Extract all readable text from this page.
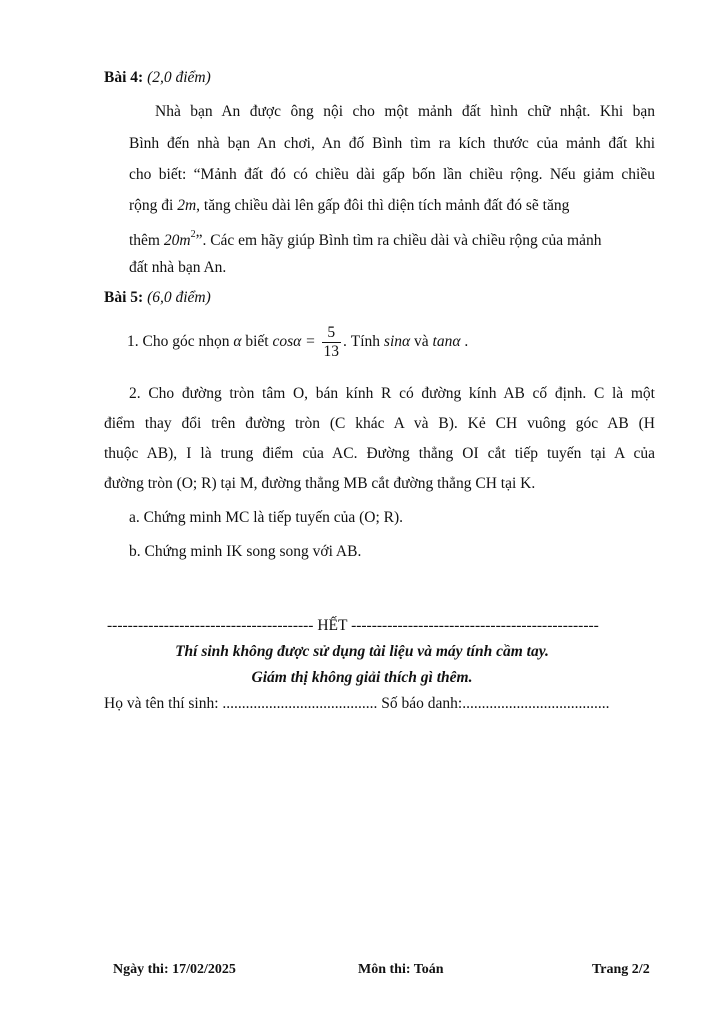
Bài 4: (2,0 điểm)
Nhà bạn An được ông nội cho một mảnh đất hình chữ nhật. Khi bạn
Bình đến nhà bạn An chơi, An đố Bình tìm ra kích thước của mảnh đất khi
cho biết: “Mảnh đất đó có chiều dài gấp bốn lần chiều rộng. Nếu giảm chiều
rộng đi 2m, tăng chiều dài lên gấp đôi thì diện tích mảnh đất đó sẽ tăng
thêm $20m^2$”. Các em hãy giúp Bình tìm ra chiều dài và chiều rộng của mảnh
đất nhà bạn An.
Bài 5: (6,0 điểm)
1. Cho góc nhọn α biết $\cos\alpha = \frac{5}{13}$ . Tính sinα và tanα .
2. Cho đường tròn tâm O, bán kính R có đường kính AB cố định. C là một
điểm thay đổi trên đường tròn (C khác A và B). Kẻ CH vuông góc AB (H
thuộc AB), I là trung điểm của AC. Đường thẳng OI cắt tiếp tuyến tại A của
đường tròn (O; R) tại M, đường thẳng MB cắt đường thẳng CH tại K.
a. Chứng minh MC là tiếp tuyến của (O; R).
b. Chứng minh IK song song với AB.
---------------------------------------- HẾT ------------------------------------------------
Thí sinh không được sử dụng tài liệu và máy tính cầm tay.
Giám thị không giải thích gì thêm.
Họ và tên thí sinh: ........................................ Số báo danh:......................................
Ngày thi: 17/02/2025	Môn thi: Toán	Trang 2/2
